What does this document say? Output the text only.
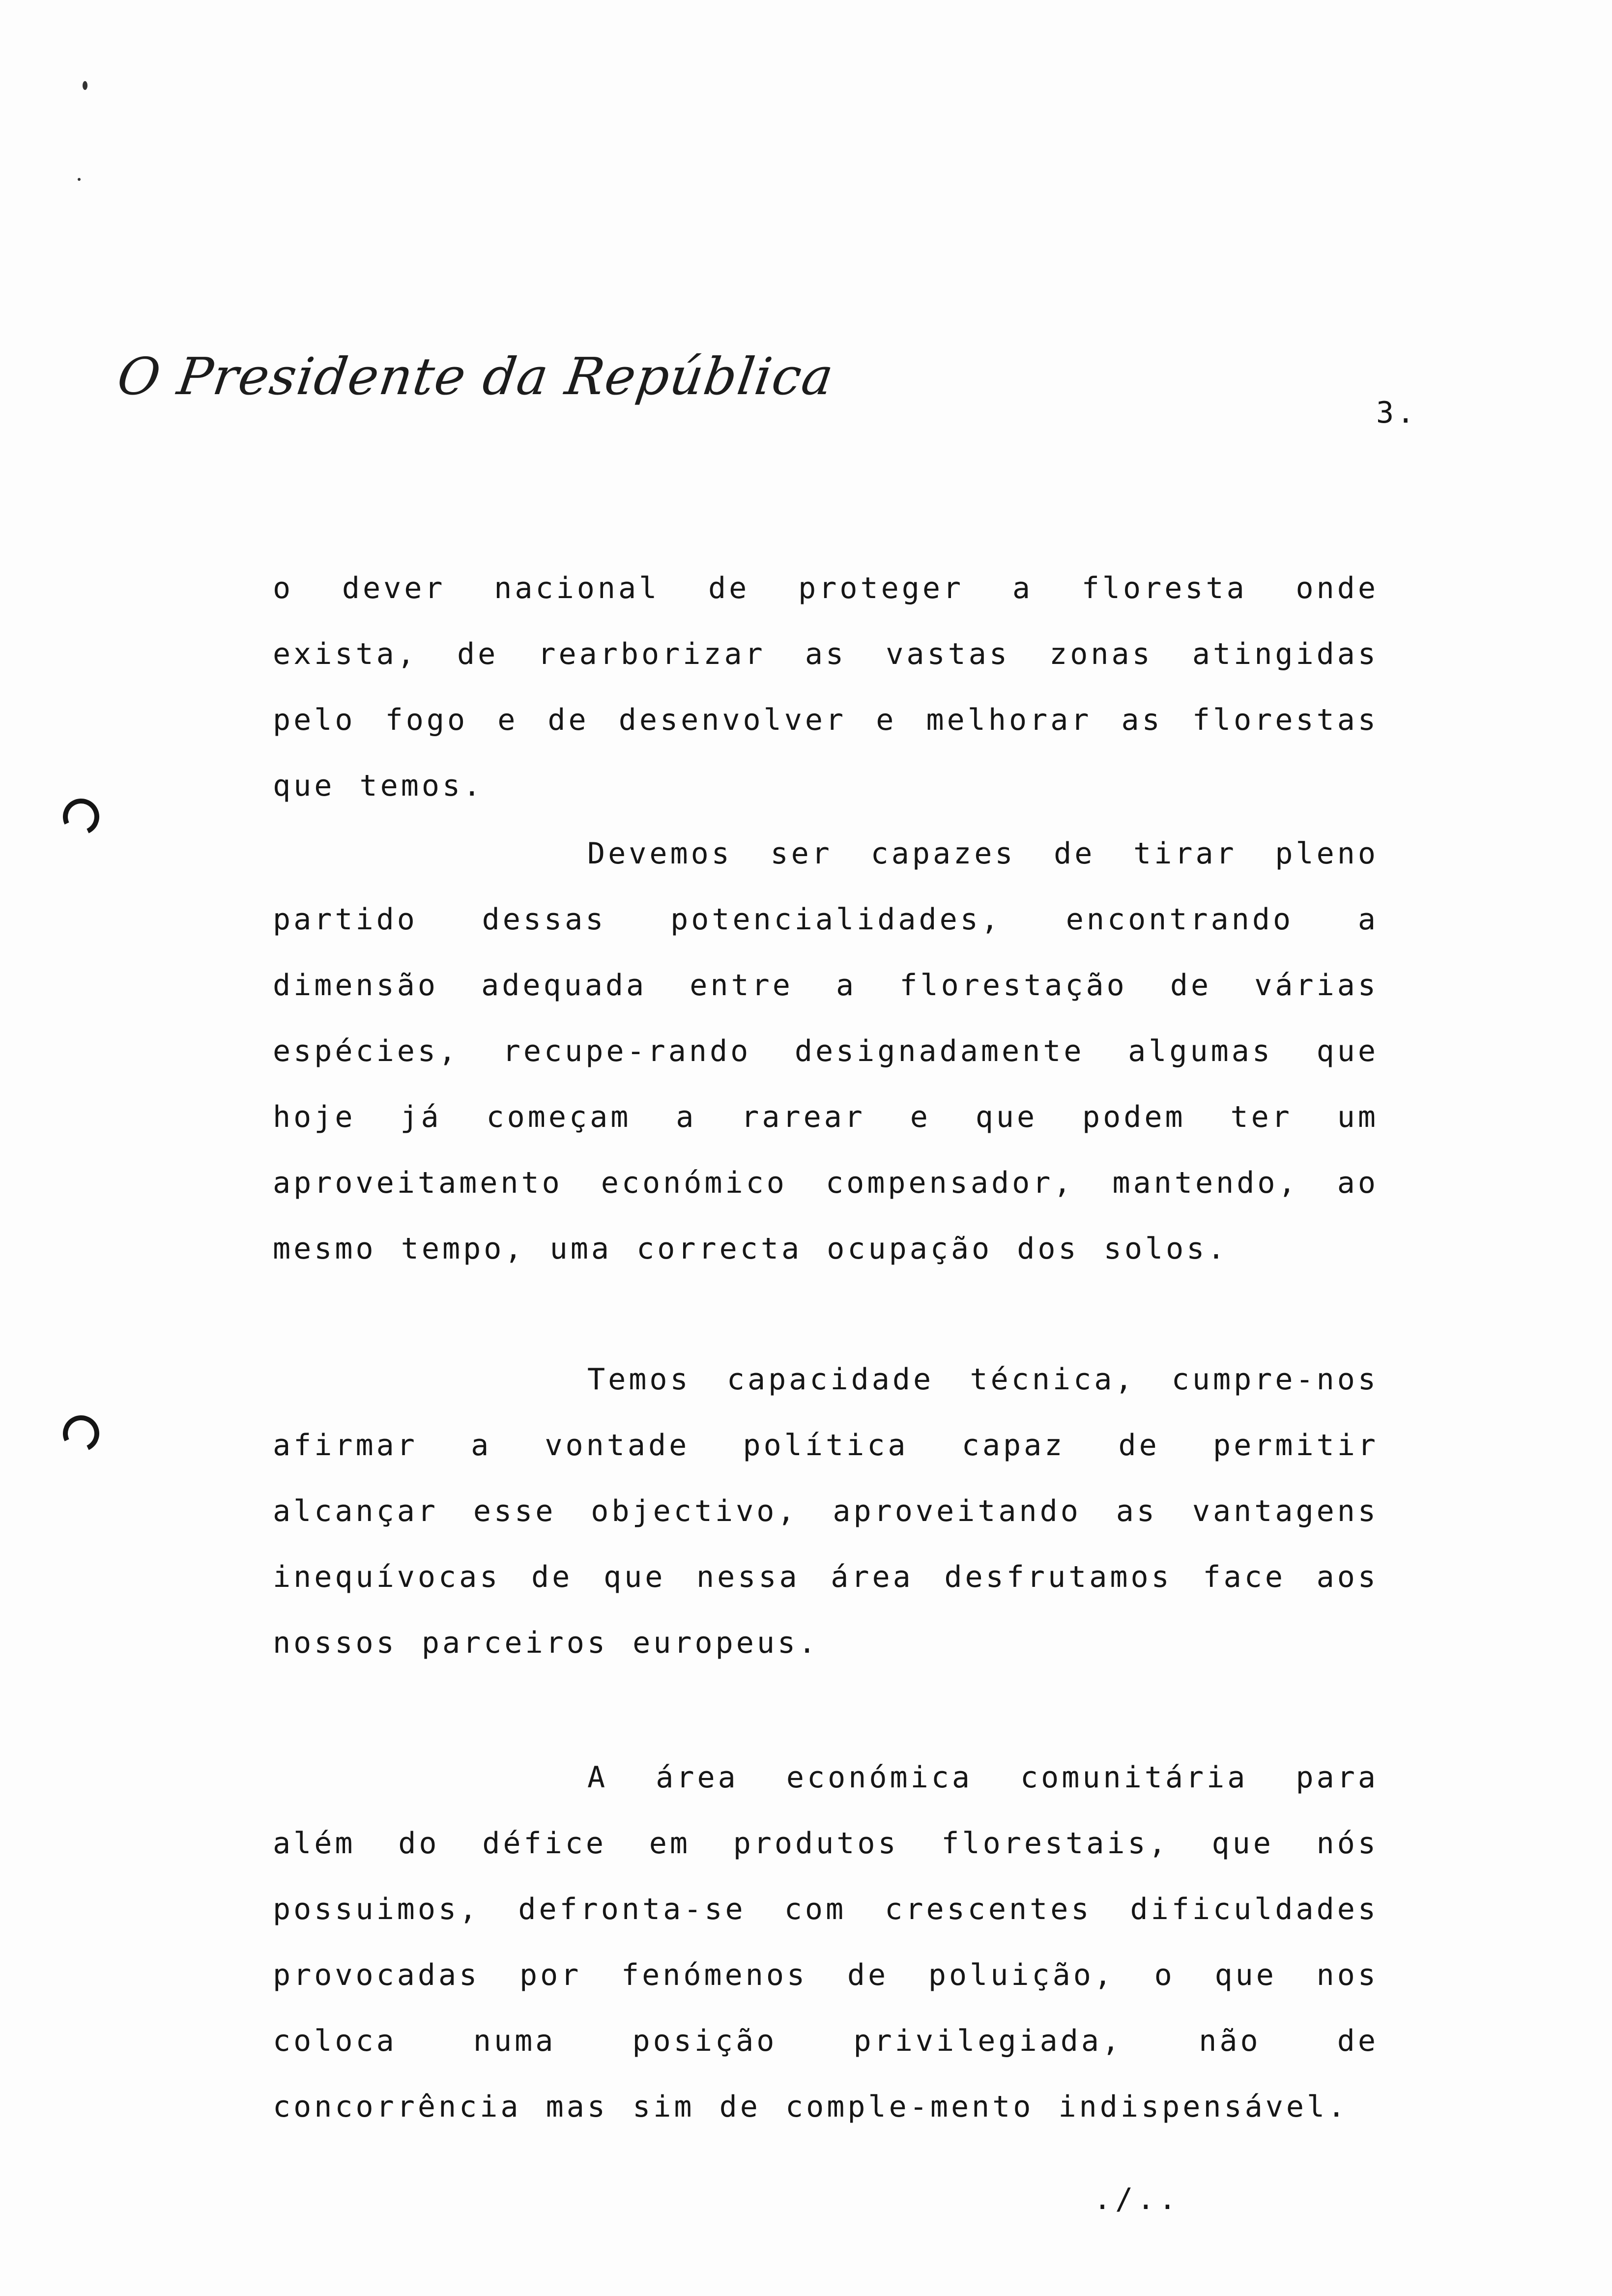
O Presidente da República
3.

o dever nacional de proteger a floresta onde exista, de rearborizar as vastas zonas atingidas pelo fogo e de desenvolver e melhorar as florestas que temos.

Devemos ser capazes de tirar pleno partido dessas potencialidades, encontrando a dimensão adequada entre a florestação de várias espécies, recupe-rando designadamente algumas que hoje já começam a rarear e que podem ter um aproveitamento económico compensador, mantendo, ao mesmo tempo, uma correcta ocupação dos solos.

Temos capacidade técnica, cumpre-nos afirmar a vontade política capaz de permitir alcançar esse objectivo, aproveitando as vantagens inequívocas de que nessa área desfrutamos face aos nossos parceiros europeus.

A área económica comunitária para além do défice em produtos florestais, que nós possuimos, defronta-se com crescentes dificuldades provocadas por fenómenos de poluição, o que nos coloca numa posição privilegiada, não de concorrência mas sim de comple-mento indispensável.

./..
